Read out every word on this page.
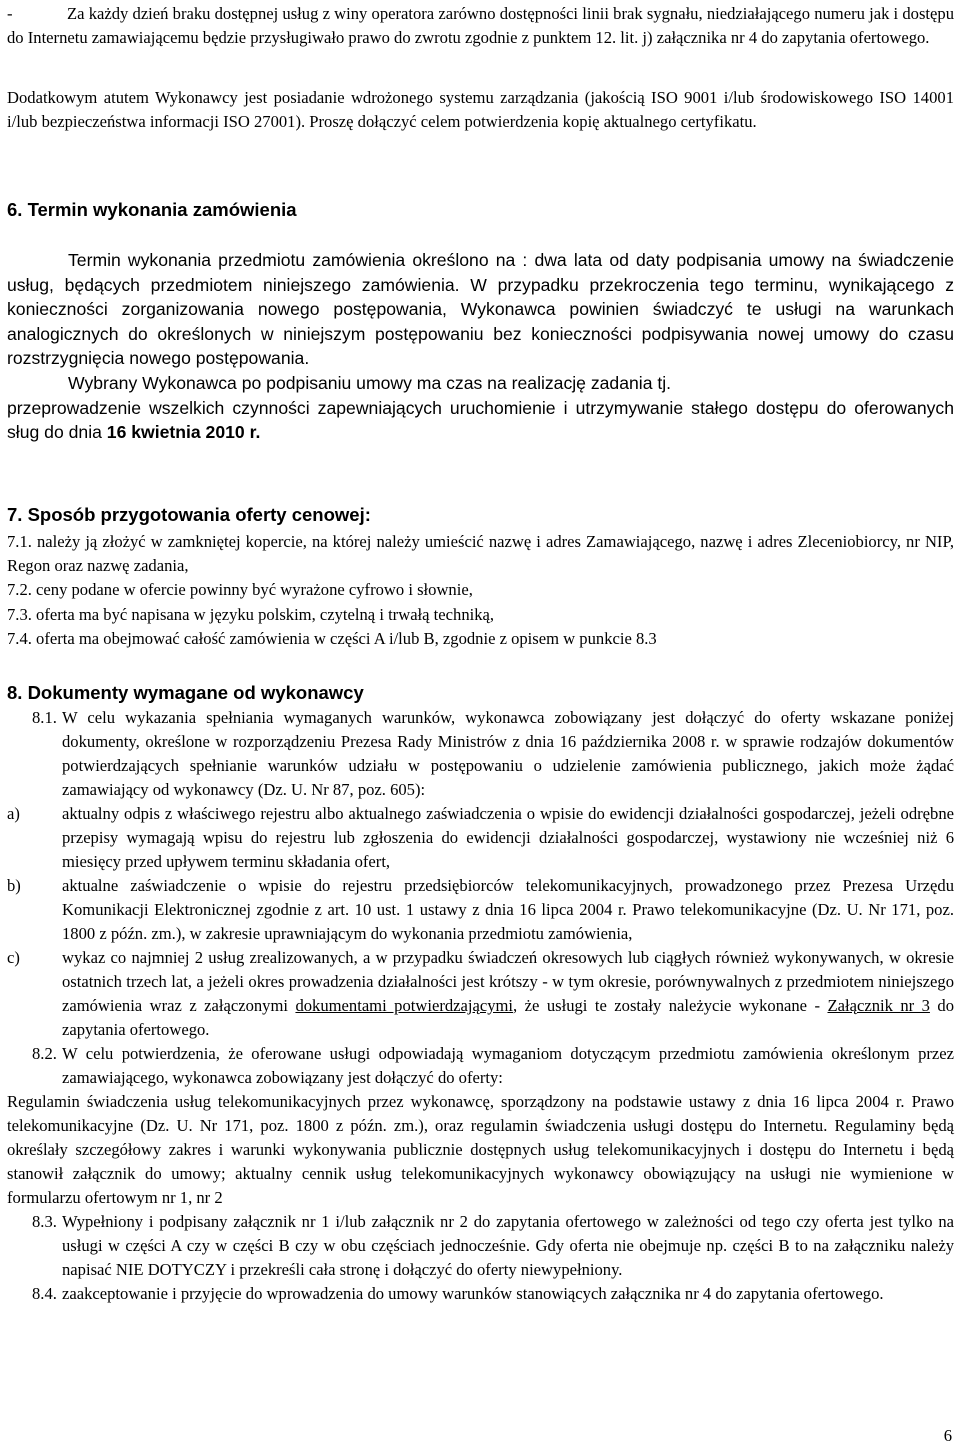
-	Za każdy dzień braku dostępnej usług z winy operatora zarówno dostępności linii brak sygnału, niedziałającego numeru jak i dostępu do Internetu zamawiającemu będzie przysługiwało prawo do zwrotu zgodnie z punktem 12. lit. j) załącznika nr 4 do zapytania ofertowego.

Dodatkowym atutem Wykonawcy jest posiadanie wdrożonego systemu zarządzania (jakością ISO 9001 i/lub środowiskowego ISO 14001 i/lub bezpieczeństwa informacji ISO 27001). Proszę dołączyć celem potwierdzenia kopię aktualnego certyfikatu.

6. Termin wykonania zamówienia

Termin wykonania przedmiotu zamówienia określono na : dwa lata od daty podpisania umowy na świadczenie usług, będących przedmiotem niniejszego zamówienia. W przypadku przekroczenia tego terminu, wynikającego z konieczności zorganizowania nowego postępowania, Wykonawca powinien świadczyć te usługi na warunkach analogicznych do określonych w niniejszym postępowaniu bez konieczności podpisywania nowej umowy do czasu rozstrzygnięcia nowego postępowania.

Wybrany Wykonawca po podpisaniu umowy ma czas na realizację zadania tj.

przeprowadzenie wszelkich czynności zapewniających uruchomienie i utrzymywanie stałego dostępu do oferowanych sług do dnia 16 kwietnia 2010 r.

7. Sposób przygotowania oferty cenowej:

7.1. należy ją złożyć w zamkniętej kopercie, na której należy umieścić nazwę i adres Zamawiającego, nazwę i adres Zleceniobiorcy, nr NIP, Regon oraz nazwę zadania,

7.2. ceny podane w ofercie powinny być wyrażone cyfrowo i słownie,

7.3. oferta ma być napisana w języku polskim, czytelną i trwałą techniką,

7.4. oferta ma obejmować całość zamówienia w części A i/lub B, zgodnie z opisem w punkcie 8.3

8. Dokumenty wymagane od wykonawcy

8.1. W celu wykazania spełniania wymaganych warunków, wykonawca zobowiązany jest dołączyć do oferty wskazane poniżej dokumenty, określone w rozporządzeniu Prezesa Rady Ministrów z dnia 16 października 2008 r. w sprawie rodzajów dokumentów potwierdzających spełnianie warunków udziału w postępowaniu o udzielenie zamówienia publicznego, jakich może żądać zamawiający od wykonawcy (Dz. U. Nr 87, poz. 605):

a)	aktualny odpis z właściwego rejestru albo aktualnego zaświadczenia o wpisie do ewidencji działalności gospodarczej, jeżeli odrębne przepisy wymagają wpisu do rejestru lub zgłoszenia do ewidencji działalności gospodarczej, wystawiony nie wcześniej niż 6 miesięcy przed upływem terminu składania ofert,

b) aktualne zaświadczenie o wpisie do rejestru przedsiębiorców telekomunikacyjnych, prowadzonego przez Prezesa Urzędu Komunikacji Elektronicznej zgodnie z art. 10 ust. 1 ustawy z dnia 16 lipca 2004 r. Prawo telekomunikacyjne (Dz. U. Nr 171, poz. 1800 z późn. zm.), w zakresie uprawniającym do wykonania przedmiotu zamówienia,

c)	wykaz co najmniej 2 usług zrealizowanych, a w przypadku świadczeń okresowych lub ciągłych również wykonywanych, w okresie ostatnich trzech lat, a jeżeli okres prowadzenia działalności jest krótszy - w tym okresie, porównywalnych z przedmiotem niniejszego zamówienia wraz z załączonymi dokumentami potwierdzającymi, że usługi te zostały należycie wykonane - Załącznik nr 3 do zapytania ofertowego.

8.2. W celu potwierdzenia, że oferowane usługi odpowiadają wymaganiom dotyczącym przedmiotu zamówienia określonym przez zamawiającego, wykonawca zobowiązany jest dołączyć do oferty:

Regulamin świadczenia usług telekomunikacyjnych przez wykonawcę, sporządzony na podstawie ustawy z dnia 16 lipca 2004 r. Prawo telekomunikacyjne (Dz. U. Nr 171, poz. 1800 z późn. zm.), oraz regulamin świadczenia usługi dostępu do Internetu. Regulaminy będą określały szczegółowy zakres i warunki wykonywania publicznie dostępnych usług telekomunikacyjnych i dostępu do Internetu i będą stanowił załącznik do umowy; aktualny cennik usług telekomunikacyjnych wykonawcy obowiązujący na usługi nie wymienione w formularzu ofertowym nr 1, nr 2

8.3. Wypełniony i podpisany załącznik nr 1 i/lub załącznik nr 2 do zapytania ofertowego w zależności od tego czy oferta jest tylko na usługi w części A czy w części B czy w obu częściach jednocześnie. Gdy oferta nie obejmuje np. części B to na załączniku należy napisać NIE DOTYCZY i przekreśli cała stronę i dołączyć do oferty niewypełniony.

8.4. zaakceptowanie i przyjęcie do wprowadzenia do umowy warunków stanowiących załącznika nr 4 do zapytania ofertowego.

6
